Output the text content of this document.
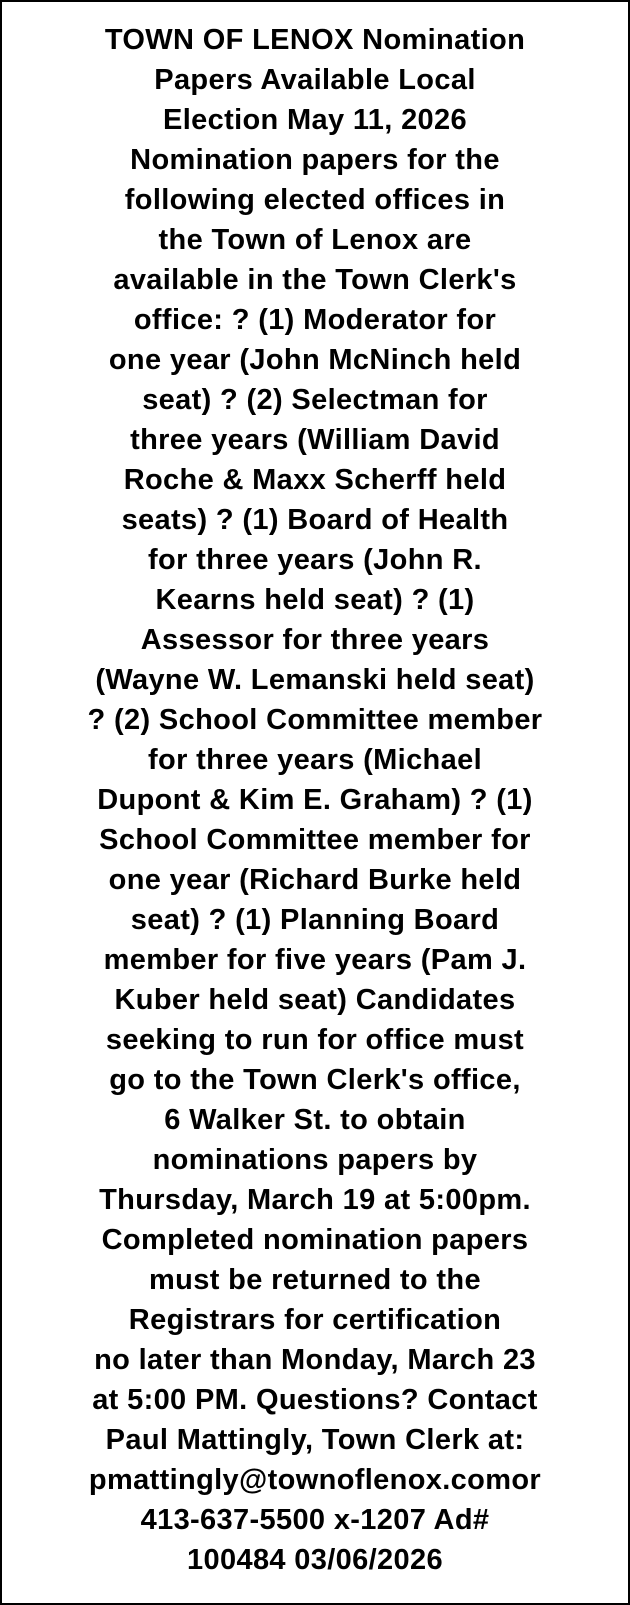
TOWN OF LENOX Nomination
Papers Available Local
Election May 11, 2026
Nomination papers for the
following elected offices in
the Town of Lenox are
available in the Town Clerk's
office: ? (1) Moderator for
one year (John McNinch held
seat) ? (2) Selectman for
three years (William David
Roche & Maxx Scherff held
seats) ? (1) Board of Health
for three years (John R.
Kearns held seat) ? (1)
Assessor for three years
(Wayne W. Lemanski held seat)
? (2) School Committee member
for three years (Michael
Dupont & Kim E. Graham) ? (1)
School Committee member for
one year (Richard Burke held
seat) ? (1) Planning Board
member for five years (Pam J.
Kuber held seat) Candidates
seeking to run for office must
go to the Town Clerk's office,
6 Walker St. to obtain
nominations papers by
Thursday, March 19 at 5:00pm.
Completed nomination papers
must be returned to the
Registrars for certification
no later than Monday, March 23
at 5:00 PM. Questions? Contact
Paul Mattingly, Town Clerk at:
pmattingly@townoflenox.comor
413-637-5500 x-1207 Ad#
100484 03/06/2026
